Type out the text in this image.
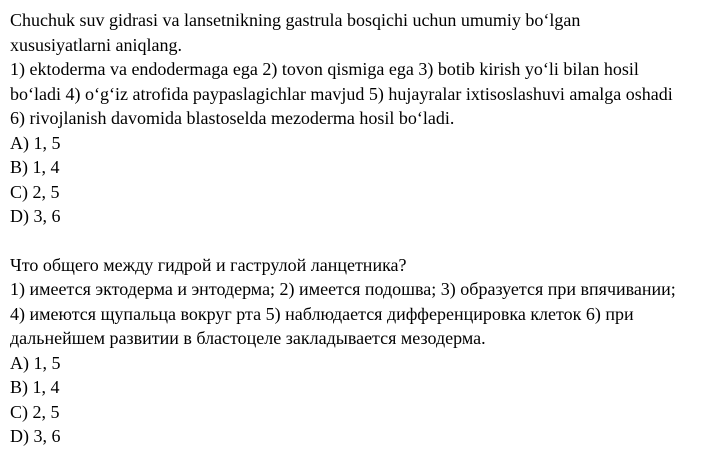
Chuchuk suv gidrasi va lansetnikning gastrula bosqichi uchun umumiy bo‘lgan
xususiyatlarni aniqlang.
1) ektoderma va endodermaga ega 2) tovon qismiga ega 3) botib kirish yo‘li bilan hosil
bo‘ladi 4) o‘g‘iz atrofida paypaslagichlar mavjud 5) hujayralar ixtisoslashuvi amalga oshadi
6) rivojlanish davomida blastoselda mezoderma hosil bo‘ladi.
A) 1, 5
B) 1, 4
C) 2, 5
D) 3, 6
Что общего между гидрой и гаструлой ланцетника?
1) имеется эктодерма и энтодерма; 2) имеется подошва; 3) образуется при впячивании;
4) имеются щупальца вокруг рта 5) наблюдается дифференцировка клеток 6) при
дальнейшем развитии в бластоцеле закладывается мезодерма.
A) 1, 5
B) 1, 4
C) 2, 5
D) 3, 6
